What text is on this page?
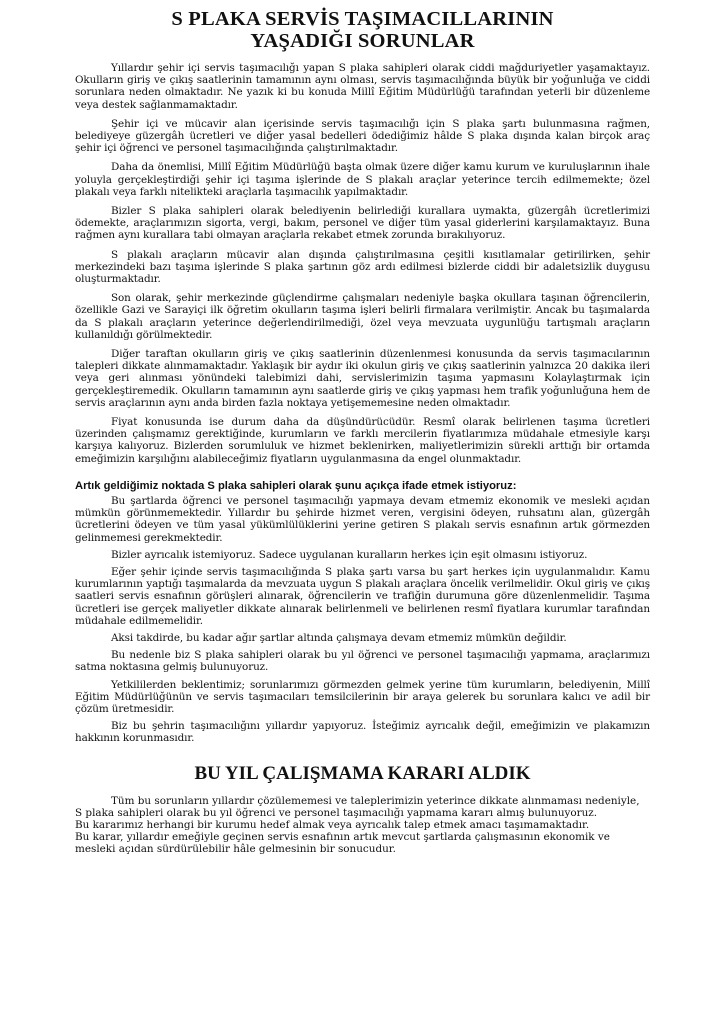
S PLAKA SERVİS TAŞIMACILLARININ
YAŞADIĞI SORUNLAR

Yıllardır şehir içi servis taşımacılığı yapan S plaka sahipleri olarak ciddi mağduriyetler yaşamaktayız. Okulların giriş ve çıkış saatlerinin tamamının aynı olması, servis taşımacılığında büyük bir yoğunluğa ve ciddi sorunlara neden olmaktadır. Ne yazık ki bu konuda Millî Eğitim Müdürlüğü tarafından yeterli bir düzenleme veya destek sağlanmamaktadır.

Şehir içi ve mücavir alan içerisinde servis taşımacılığı için S plaka şartı bulunmasına rağmen, belediyeye güzergâh ücretleri ve diğer yasal bedelleri ödediğimiz hâlde S plaka dışında kalan birçok araç şehir içi öğrenci ve personel taşımacılığında çalıştırılmaktadır.

Daha da önemlisi, Millî Eğitim Müdürlüğü başta olmak üzere diğer kamu kurum ve kuruluşlarının ihale yoluyla gerçekleştirdiği şehir içi taşıma işlerinde de S plakalı araçlar yeterince tercih edilmemekte; özel plakalı veya farklı nitelikteki araçlarla taşımacılık yapılmaktadır.

Bizler S plaka sahipleri olarak belediyenin belirlediği kurallara uymakta, güzergâh ücretlerimizi ödemekte, araçlarımızın sigorta, vergi, bakım, personel ve diğer tüm yasal giderlerini karşılamaktayız. Buna rağmen aynı kurallara tabi olmayan araçlarla rekabet etmek zorunda bırakılıyoruz.

S plakalı araçların mücavir alan dışında çalıştırılmasına çeşitli kısıtlamalar getirilirken, şehir merkezindeki bazı taşıma işlerinde S plaka şartının göz ardı edilmesi bizlerde ciddi bir adaletsizlik duygusu oluşturmaktadır.

Son olarak, şehir merkezinde güçlendirme çalışmaları nedeniyle başka okullara taşınan öğrencilerin, özellikle Gazi ve Sarayiçi ilk öğretim okulların taşıma işleri belirli firmalara verilmiştir. Ancak bu taşımalarda da S plakalı araçların yeterince değerlendirilmediği, özel veya mevzuata uygunlüğu tartışmalı araçların kullanıldığı görülmektedir.

Diğer taraftan okulların giriş ve çıkış saatlerinin düzenlenmesi konusunda da servis taşımacılarının talepleri dikkate alınmamaktadır. Yaklaşık bir aydır iki okulun giriş ve çıkış saatlerinin yalnızca 20 dakika ileri veya geri alınması yönündeki talebimizi dahi, servislerimizin taşıma yapmasını Kolaylaştırmak için gerçekleştiremedik. Okulların tamamının aynı saatlerde giriş ve çıkış yapması hem trafik yoğunluğuna hem de servis araçlarının aynı anda birden fazla noktaya yetişememesine neden olmaktadır.

Fiyat konusunda ise durum daha da düşündürücüdür. Resmî olarak belirlenen taşıma ücretleri üzerinden çalışmamız gerektiğinde, kurumların ve farklı mercilerin fiyatlarımıza müdahale etmesiyle karşı karşıya kalıyoruz. Bizlerden sorumluluk ve hizmet beklenirken, maliyetlerimizin sürekli arttığı bir ortamda emeğimizin karşılığını alabileceğimiz fiyatların uygulanmasına da engel olunmaktadır.

Artık geldiğimiz noktada S plaka sahipleri olarak şunu açıkça ifade etmek istiyoruz:

Bu şartlarda öğrenci ve personel taşımacılığı yapmaya devam etmemiz ekonomik ve mesleki açıdan mümkün görünmemektedir. Yıllardır bu şehirde hizmet veren, vergisini ödeyen, ruhsatını alan, güzergâh ücretlerini ödeyen ve tüm yasal yükümlülüklerini yerine getiren S plakalı servis esnafının artık görmezden gelinmemesi gerekmektedir.

Bizler ayrıcalık istemiyoruz. Sadece uygulanan kuralların herkes için eşit olmasını istiyoruz.

Eğer şehir içinde servis taşımacılığında S plaka şartı varsa bu şart herkes için uygulanmalıdır. Kamu kurumlarının yaptığı taşımalarda da mevzuata uygun S plakalı araçlara öncelik verilmelidir. Okul giriş ve çıkış saatleri servis esnafının görüşleri alınarak, öğrencilerin ve trafiğin durumuna göre düzenlenmelidir. Taşıma ücretleri ise gerçek maliyetler dikkate alınarak belirlenmeli ve belirlenen resmî fiyatlara kurumlar tarafından müdahale edilmemelidir.

Aksi takdirde, bu kadar ağır şartlar altında çalışmaya devam etmemiz mümkün değildir.

Bu nedenle biz S plaka sahipleri olarak bu yıl öğrenci ve personel taşımacılığı yapmama, araçlarımızı satma noktasına gelmiş bulunuyoruz.

Yetkililerden beklentimiz; sorunlarımızı görmezden gelmek yerine tüm kurumların, belediyenin, Millî Eğitim Müdürlüğünün ve servis taşımacıları temsilcilerinin bir araya gelerek bu sorunlara kalıcı ve adil bir çözüm üretmesidir.

Biz bu şehrin taşımacılığını yıllardır yapıyoruz. İsteğimiz ayrıcalık değil, emeğimizin ve plakamızın hakkının korunmasıdır.

BU YIL ÇALIŞMAMA KARARI ALDIK
Tüm bu sorunların yıllardır çözülememesi ve taleplerimizin yeterince dikkate alınmaması nedeniyle,
S plaka sahipleri olarak bu yıl öğrenci ve personel taşımacılığı yapmama kararı almış bulunuyoruz.
Bu kararımız herhangi bir kurumu hedef almak veya ayrıcalık talep etmek amacı taşımamaktadır.
Bu karar, yıllardır emeğiyle geçinen servis esnafının artık mevcut şartlarda çalışmasının ekonomik ve mesleki açıdan sürdürülebilir hâle gelmesinin bir sonucudur.
